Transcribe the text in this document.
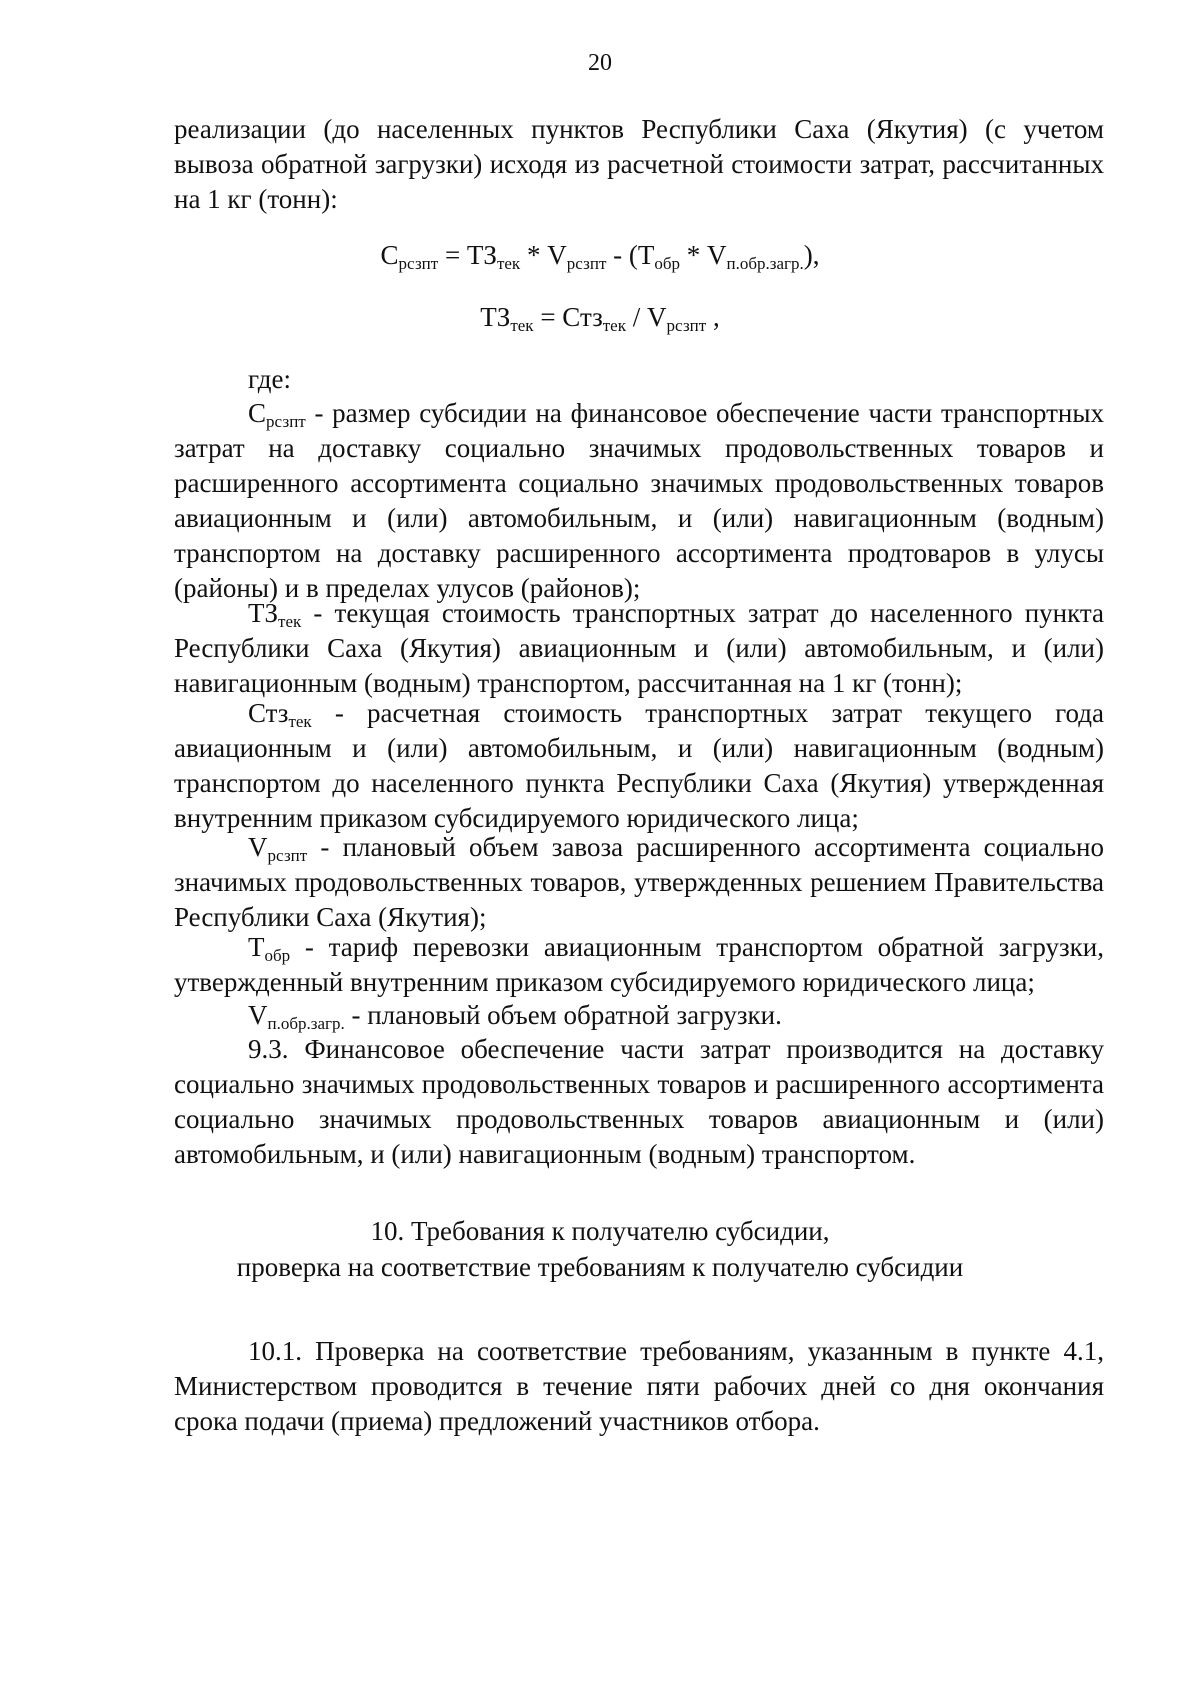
20
реализации (до населенных пунктов Республики Саха (Якутия) (с учетом вывоза обратной загрузки) исходя из расчетной стоимости затрат, рассчитанных на 1 кг (тонн):
$С_{рсзпт} = ТЗ_{тек} * V_{рсзпт} - (Т_{обр} * V_{п.обр.загр.})$,
$ТЗ_{тек} = Стз_{тек} / V_{рсзпт}$ ,
где:
$С_{рсзпт}$ - размер субсидии на финансовое обеспечение части транспортных затрат на доставку социально значимых продовольственных товаров и расширенного ассортимента социально значимых продовольственных товаров авиационным и (или) автомобильным, и (или) навигационным (водным) транспортом на доставку расширенного ассортимента продтоваров в улусы (районы) и в пределах улусов (районов);
$ТЗ_{тек}$ - текущая стоимость транспортных затрат до населенного пункта Республики Саха (Якутия) авиационным и (или) автомобильным, и (или) навигационным (водным) транспортом, рассчитанная на 1 кг (тонн);
Стз$_{тек}$ - расчетная стоимость транспортных затрат текущего года авиационным и (или) автомобильным, и (или) навигационным (водным) транспортом до населенного пункта Республики Саха (Якутия) утвержденная внутренним приказом субсидируемого юридического лица;
$V_{рсзпт}$ - плановый объем завоза расширенного ассортимента социально значимых продовольственных товаров, утвержденных решением Правительства Республики Саха (Якутия);
$Т_{обр}$ - тариф перевозки авиационным транспортом обратной загрузки, утвержденный внутренним приказом субсидируемого юридического лица;
$V_{п.обр.загр.}$ - плановый объем обратной загрузки.
9.3. Финансовое обеспечение части затрат производится на доставку социально значимых продовольственных товаров и расширенного ассортимента социально значимых продовольственных товаров авиационным и (или) автомобильным, и (или) навигационным (водным) транспортом.
10. Требования к получателю субсидии,
проверка на соответствие требованиям к получателю субсидии
10.1. Проверка на соответствие требованиям, указанным в пункте 4.1, Министерством проводится в течение пяти рабочих дней со дня окончания срока подачи (приема) предложений участников отбора.
